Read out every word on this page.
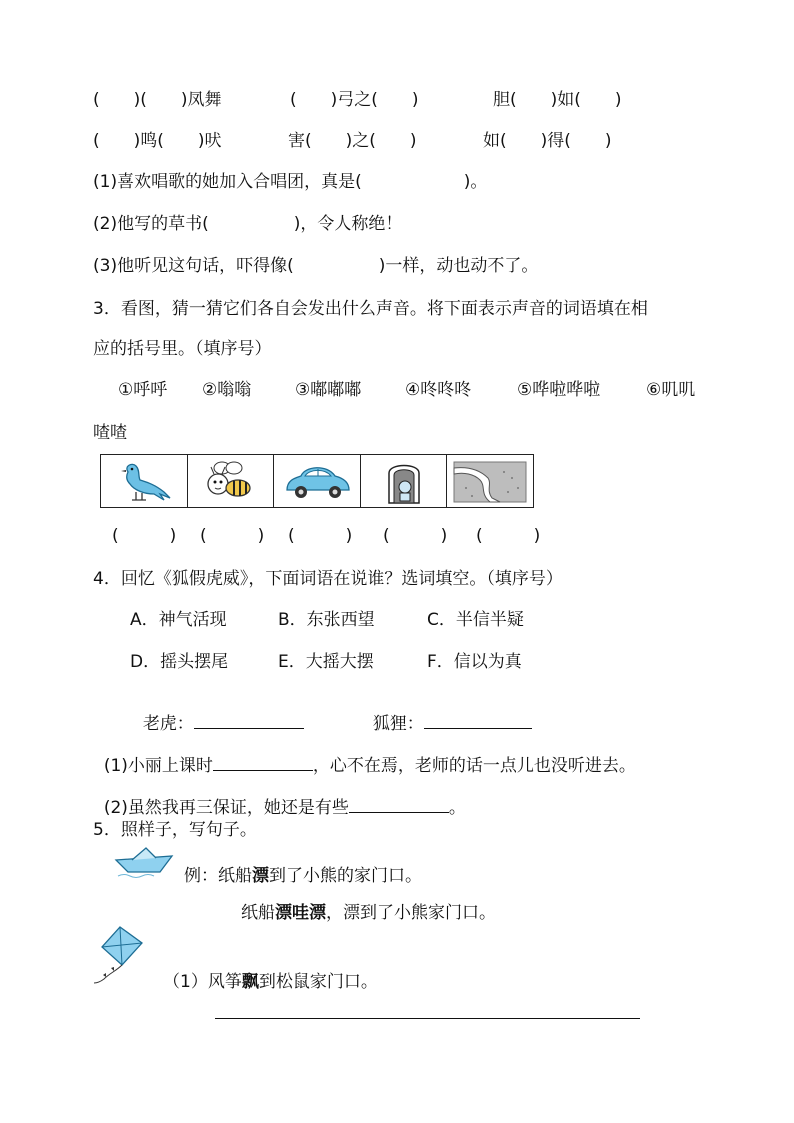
(　　)(　　)凤舞	(　　)弓之(　　)	胆(　　)如(　　)
(　　)鸣(　　)吠	害(　　)之(　　)	如(　　)得(　　)
(1)喜欢唱歌的她加入合唱团，真是(　　　　　　)。
(2)他写的草书(　　　　　)，令人称绝！
(3)他听见这句话，吓得像(　　　　　)一样，动也动不了。
3．看图，猜一猜它们各自会发出什么声音。将下面表示声音的词语填在相
应的括号里。（填序号）
①呼呼 ②嗡嗡	③嘟嘟嘟	④咚咚咚	⑤哗啦哗啦	⑥叽叽
喳喳
(　　　) (　　　) (　　　) (　　　) (　　　)
4．回忆《狐假虎威》，下面词语在说谁？选词填空。（填序号）
A．神气活现	B．东张西望	C．半信半疑
D．摇头摆尾	E．大摇大摆	F．信以为真

老虎：	狐狸：

(1)小丽上课时	，心不在焉，老师的话一点儿也没听进去。

(2)虽然我再三保证，她还是有些	。

5．照样子，写句子。
例：纸船漂到了小熊的家门口。
纸船漂哇漂，漂到了小熊家门口。
（1）风筝飘到松鼠家门口。
